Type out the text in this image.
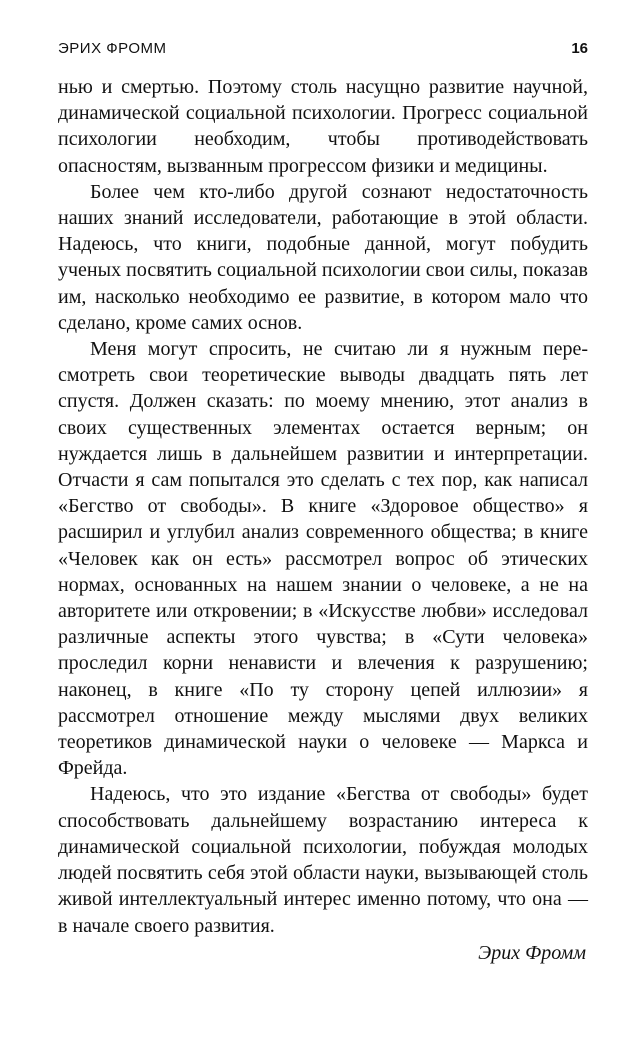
ЭРИХ ФРОММ	16

нью и смертью. Поэтому столь насущно развитие научной, динамической социальной психологии. Прогресс социальной психологии необходим, чтобы противодействовать опасностям, вызванным прогрессом физики и медицины.

Более чем кто-либо другой сознают недостаточность наших знаний исследователи, работающие в этой области. Надеюсь, что книги, подобные данной, могут побудить ученых посвятить социальной психологии свои силы, показав им, насколько необходимо ее развитие, в котором мало что сделано, кроме самих основ.

Меня могут спросить, не считаю ли я нужным пересмотреть свои теоретические выводы двадцать пять лет спустя. Должен сказать: по моему мнению, этот анализ в своих существенных элементах остается верным; он нуждается лишь в дальнейшем развитии и интерпретации. Отчасти я сам попытался это сделать с тех пор, как написал «Бегство от свободы». В книге «Здоровое общество» я расширил и углубил анализ современного общества; в книге «Человек как он есть» рассмотрел вопрос об этических нормах, основанных на нашем знании о человеке, а не на авторитете или откровении; в «Искусстве любви» исследовал различные аспекты этого чувства; в «Сути человека» проследил корни ненависти и влечения к разрушению; наконец, в книге «По ту сторону цепей иллюзии» я рассмотрел отношение между мыслями двух великих теоретиков динамической науки о человеке — Маркса и Фрейда.

Надеюсь, что это издание «Бегства от свободы» будет способствовать дальнейшему возрастанию интереса к динамической социальной психологии, побуждая молодых людей посвятить себя этой области науки, вызывающей столь живой интеллектуальный интерес именно потому, что она — в начале своего развития.

Эрих Фромм
